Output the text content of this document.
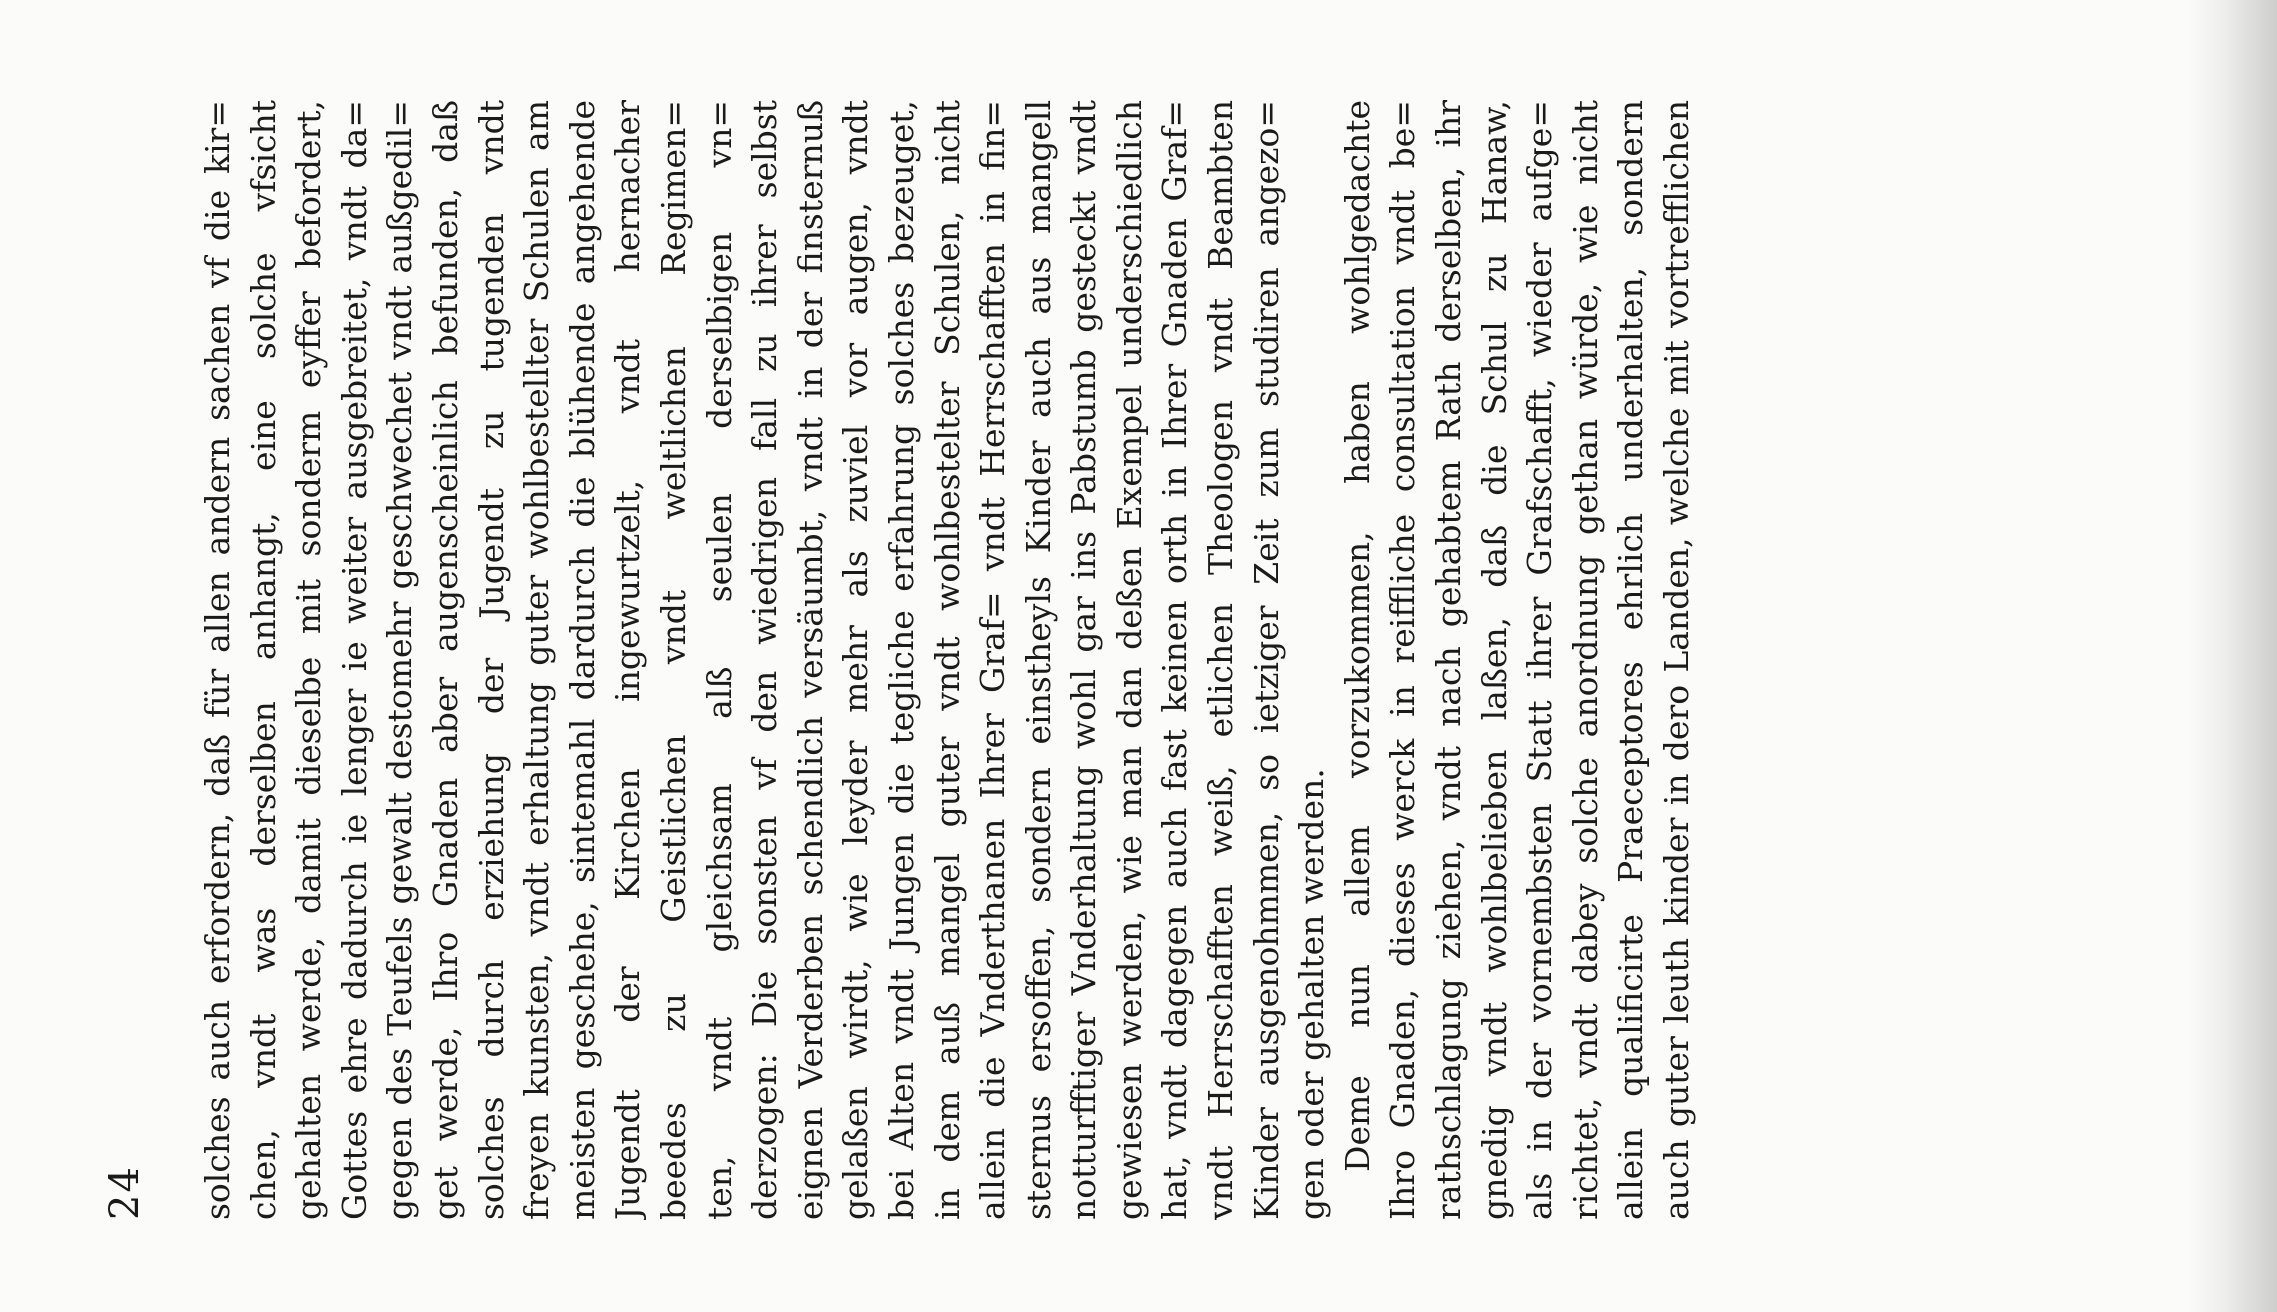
24 solches auch erfordern, daß für allen andern sachen vf die kir= chen, vndt was derselben anhangt, eine solche vfsicht gehalten werde, damit dieselbe mit sonderm eyffer befordert, Gottes ehre dadurch ie lenger ie weiter ausgebreitet, vndt da= gegen des Teufels gewalt destomehr geschwechet vndt außgedil= get werde, Ihro Gnaden aber augenscheinlich befunden, daß solches durch erziehung der Jugendt zu tugenden vndt freyen kunsten, vndt erhaltung guter wohlbestellter Schulen am meisten geschehe, sintemahl dardurch die blühende angehende Jugendt der Kirchen ingewurtzelt, vndt hernacher beedes zu Geistlichen vndt weltlichen Regimen= ten, vndt gleichsam alß seulen derselbigen vn= derzogen: Die sonsten vf den wiedrigen fall zu ihrer selbst eignen Verderben schendlich versäumbt, vndt in der finsternuß gelaßen wirdt, wie leyder mehr als zuviel vor augen, vndt bei Alten vndt Jungen die tegliche erfahrung solches bezeuget, in dem auß mangel guter vndt wohlbestelter Schulen, nicht allein die Vnderthanen Ihrer Graf= vndt Herrschafften in fin= sternus ersoffen, sondern einstheyls Kinder auch aus mangell notturfftiger Vnderhaltung wohl gar ins Pabstumb gesteckt vndt gewiesen werden, wie man dan deßen Exempel underschiedlich hat, vndt dagegen auch fast keinen orth in Ihrer Gnaden Graf= vndt Herrschafften weiß, etlichen Theologen vndt Beambten Kinder ausgenohmmen, so ietziger Zeit zum studiren angezo= gen oder gehalten werden. Deme nun allem vorzukommen, haben wohlgedachte Ihro Gnaden, dieses werck in reiffliche consultation vndt be= rathschlagung ziehen, vndt nach gehabtem Rath derselben, ihr gnedig vndt wohlbelieben laßen, daß die Schul zu Hanaw, als in der vornembsten Statt ihrer Grafschafft, wieder aufge= richtet, vndt dabey solche anordnung gethan würde, wie nicht allein qualificirte Praeceptores ehrlich underhalten, sondern auch guter leuth kinder in dero Landen, welche mit vortrefflichen
